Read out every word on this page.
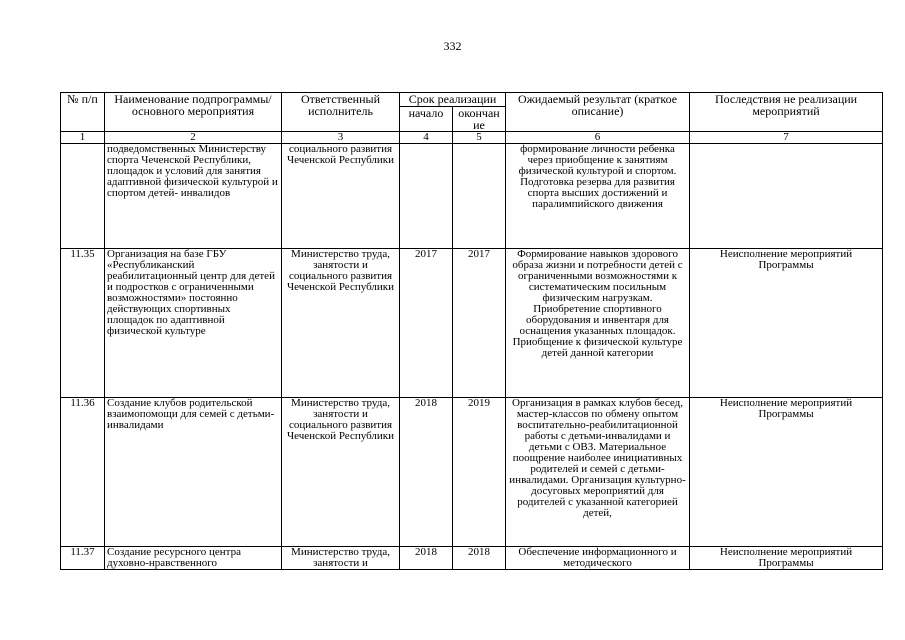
332
№ п/п	Наименование подпрограммы/ основного мероприятия	Ответственный исполнитель	Срок реализации		Ожидаемый результат (краткое описание)	Последствия не реализации мероприятий
			начало	окончан ие		
1	2	3	4	5	6	7
	подведомственных Министерству спорта Чеченской Республики, площадок и условий для занятия адаптивной физической культурой и спортом детей- инвалидов	социального развития Чеченской Республики			формирование личности ребенка через приобщение к занятиям физической культурой и спортом. Подготовка резерва для развития спорта высших достижений и паралимпийского движения	
11.35	Организация на базе ГБУ «Республиканский реабилитационный центр для детей и подростков с ограниченными возможностями» постоянно действующих спортивных площадок по адаптивной физической культуре	Министерство труда, занятости и социального развития Чеченской Республики	2017	2017	Формирование навыков здорового образа жизни и потребности детей с ограниченными возможностями к систематическим посильным физическим нагрузкам. Приобретение спортивного оборудования и инвентаря для оснащения указанных площадок. Приобщение к физической культуре детей данной категории	Неисполнение мероприятий Программы
11.36	Создание клубов родительской взаимопомощи для семей с детьми-инвалидами	Министерство труда, занятости и социального развития Чеченской Республики	2018	2019	Организация в рамках клубов бесед, мастер-классов по обмену опытом воспитательно-реабилитационной работы с детьми-инвалидами и детьми с ОВЗ. Материальное поощрение наиболее инициативных родителей и семей с детьми-инвалидами. Организация культурно-досуговых мероприятий для родителей с указанной категорией детей,	Неисполнение мероприятий Программы
11.37	Создание ресурсного центра духовно-нравственного	Министерство труда, занятости и	2018	2018	Обеспечение информационного и методического	Неисполнение мероприятий Программы
